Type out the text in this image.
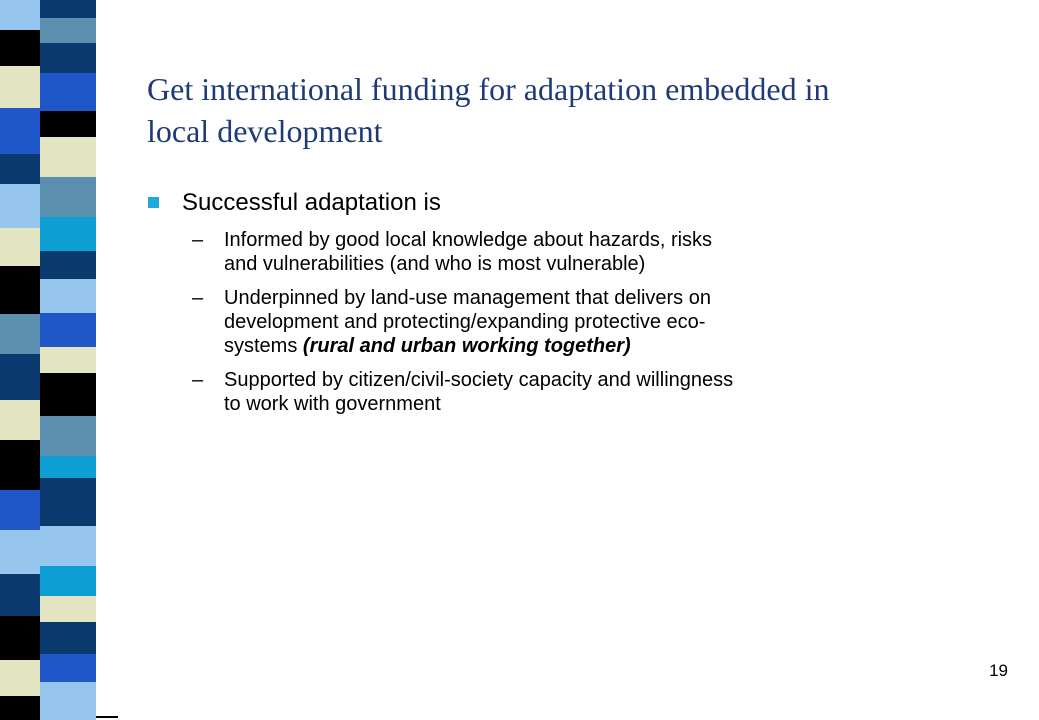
Get international funding for adaptation embedded in
local development
Successful adaptation is
–	Informed by good local knowledge about hazards, risks
and vulnerabilities (and who is most vulnerable)
–	Underpinned by land-use management that delivers on
development and protecting/expanding protective eco-
systems (rural and urban working together)
–	Supported by citizen/civil-society capacity and willingness
to work with government
19
